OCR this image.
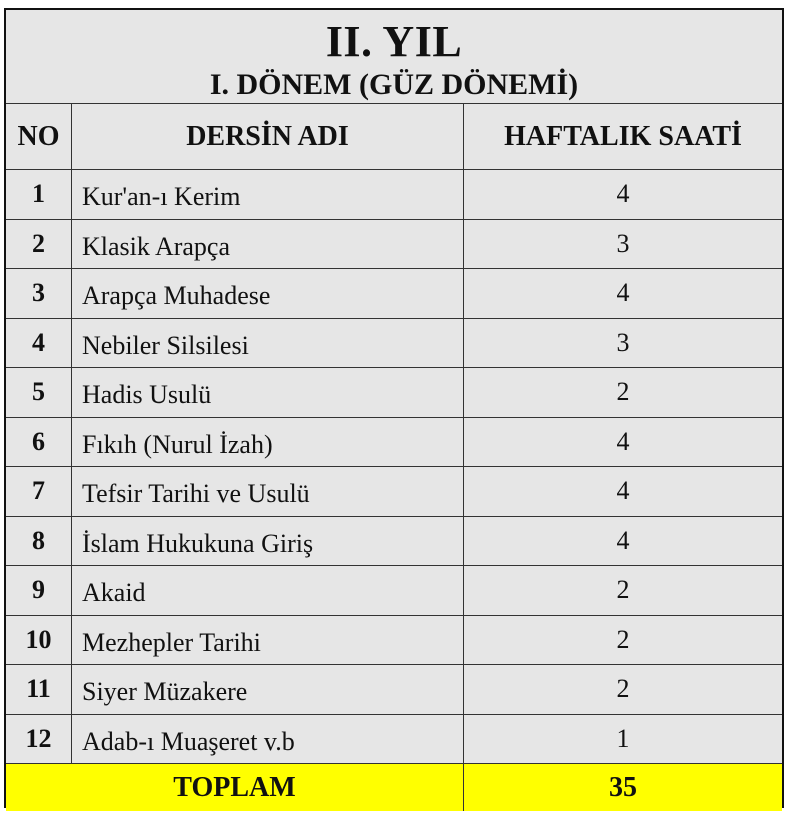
II. YIL
I. DÖNEM (GÜZ DÖNEMİ)
NO	DERSİN ADI	HAFTALIK SAATİ
1	Kur'an-ı Kerim	4
2	Klasik Arapça	3
3	Arapça Muhadese	4
4	Nebiler Silsilesi	3
5	Hadis Usulü	2
6	Fıkıh (Nurul İzah)	4
7	Tefsir Tarihi ve Usulü	4
8	İslam Hukukuna Giriş	4
9	Akaid	2
10	Mezhepler Tarihi	2
11	Siyer Müzakere	2
12	Adab-ı Muaşeret v.b	1
TOPLAM	35
